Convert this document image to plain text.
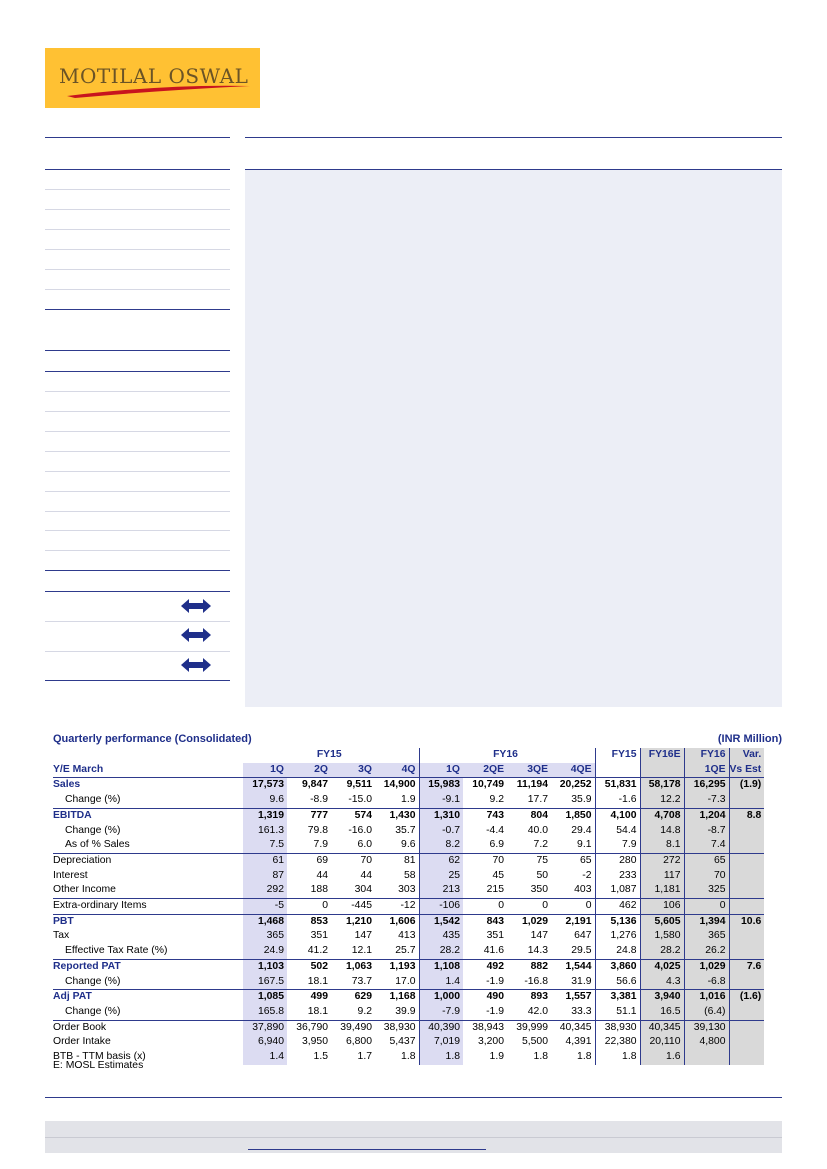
MOTILAL OSWAL
Quarterly performance (Consolidated)	(INR Million)
	FY15				FY16				FY15	FY16E	FY16	Var.
Y/E March	1Q	2Q	3Q	4Q	1Q	2QE	3QE	4QE			1QE	Vs Est
Sales	17,573	9,847	9,511	14,900	15,983	10,749	11,194	20,252	51,831	58,178	16,295	(1.9)
Change (%)	9.6	-8.9	-15.0	1.9	-9.1	9.2	17.7	35.9	-1.6	12.2	-7.3	
EBITDA	1,319	777	574	1,430	1,310	743	804	1,850	4,100	4,708	1,204	8.8
Change (%)	161.3	79.8	-16.0	35.7	-0.7	-4.4	40.0	29.4	54.4	14.8	-8.7	
As of % Sales	7.5	7.9	6.0	9.6	8.2	6.9	7.2	9.1	7.9	8.1	7.4	
Depreciation	61	69	70	81	62	70	75	65	280	272	65	
Interest	87	44	44	58	25	45	50	-2	233	117	70	
Other Income	292	188	304	303	213	215	350	403	1,087	1,181	325	
Extra-ordinary Items	-5	0	-445	-12	-106	0	0	0	462	106	0	
PBT	1,468	853	1,210	1,606	1,542	843	1,029	2,191	5,136	5,605	1,394	10.6
Tax	365	351	147	413	435	351	147	647	1,276	1,580	365	
Effective Tax Rate (%)	24.9	41.2	12.1	25.7	28.2	41.6	14.3	29.5	24.8	28.2	26.2	
Reported PAT	1,103	502	1,063	1,193	1,108	492	882	1,544	3,860	4,025	1,029	7.6
Change (%)	167.5	18.1	73.7	17.0	1.4	-1.9	-16.8	31.9	56.6	4.3	-6.8	
Adj PAT	1,085	499	629	1,168	1,000	490	893	1,557	3,381	3,940	1,016	(1.6)
Change (%)	165.8	18.1	9.2	39.9	-7.9	-1.9	42.0	33.3	51.1	16.5	(6.4)	
Order Book	37,890	36,790	39,490	38,930	40,390	38,943	39,999	40,345	38,930	40,345	39,130	
Order Intake	6,940	3,950	6,800	5,437	7,019	3,200	5,500	4,391	22,380	20,110	4,800	
BTB - TTM basis (x)	1.4	1.5	1.7	1.8	1.8	1.9	1.8	1.8	1.8	1.6		
E: MOSL Estimates
